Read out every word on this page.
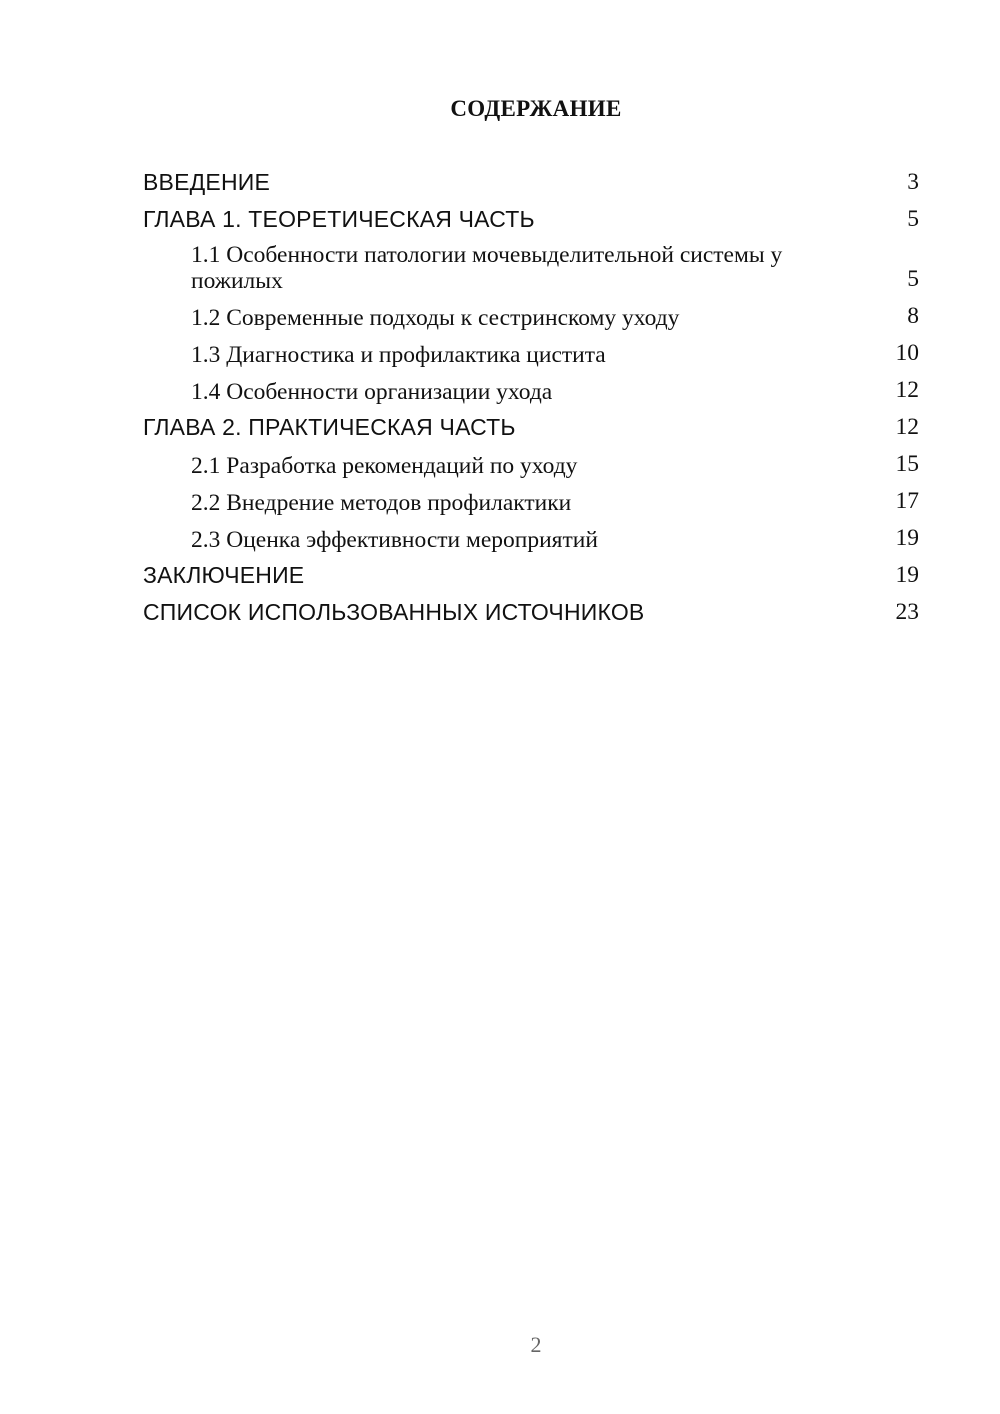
СОДЕРЖАНИЕ
ВВЕДЕНИЕ	3
ГЛАВА 1. ТЕОРЕТИЧЕСКАЯ ЧАСТЬ	5
1.1 Особенности патологии мочевыделительной системы у пожилых	5
1.2 Современные подходы к сестринскому уходу	8
1.3 Диагностика и профилактика цистита	10
1.4 Особенности организации ухода	12
ГЛАВА 2. ПРАКТИЧЕСКАЯ ЧАСТЬ	12
2.1 Разработка рекомендаций по уходу	15
2.2 Внедрение методов профилактики	17
2.3 Оценка эффективности мероприятий	19
ЗАКЛЮЧЕНИЕ	19
СПИСОК ИСПОЛЬЗОВАННЫХ ИСТОЧНИКОВ	23
2
